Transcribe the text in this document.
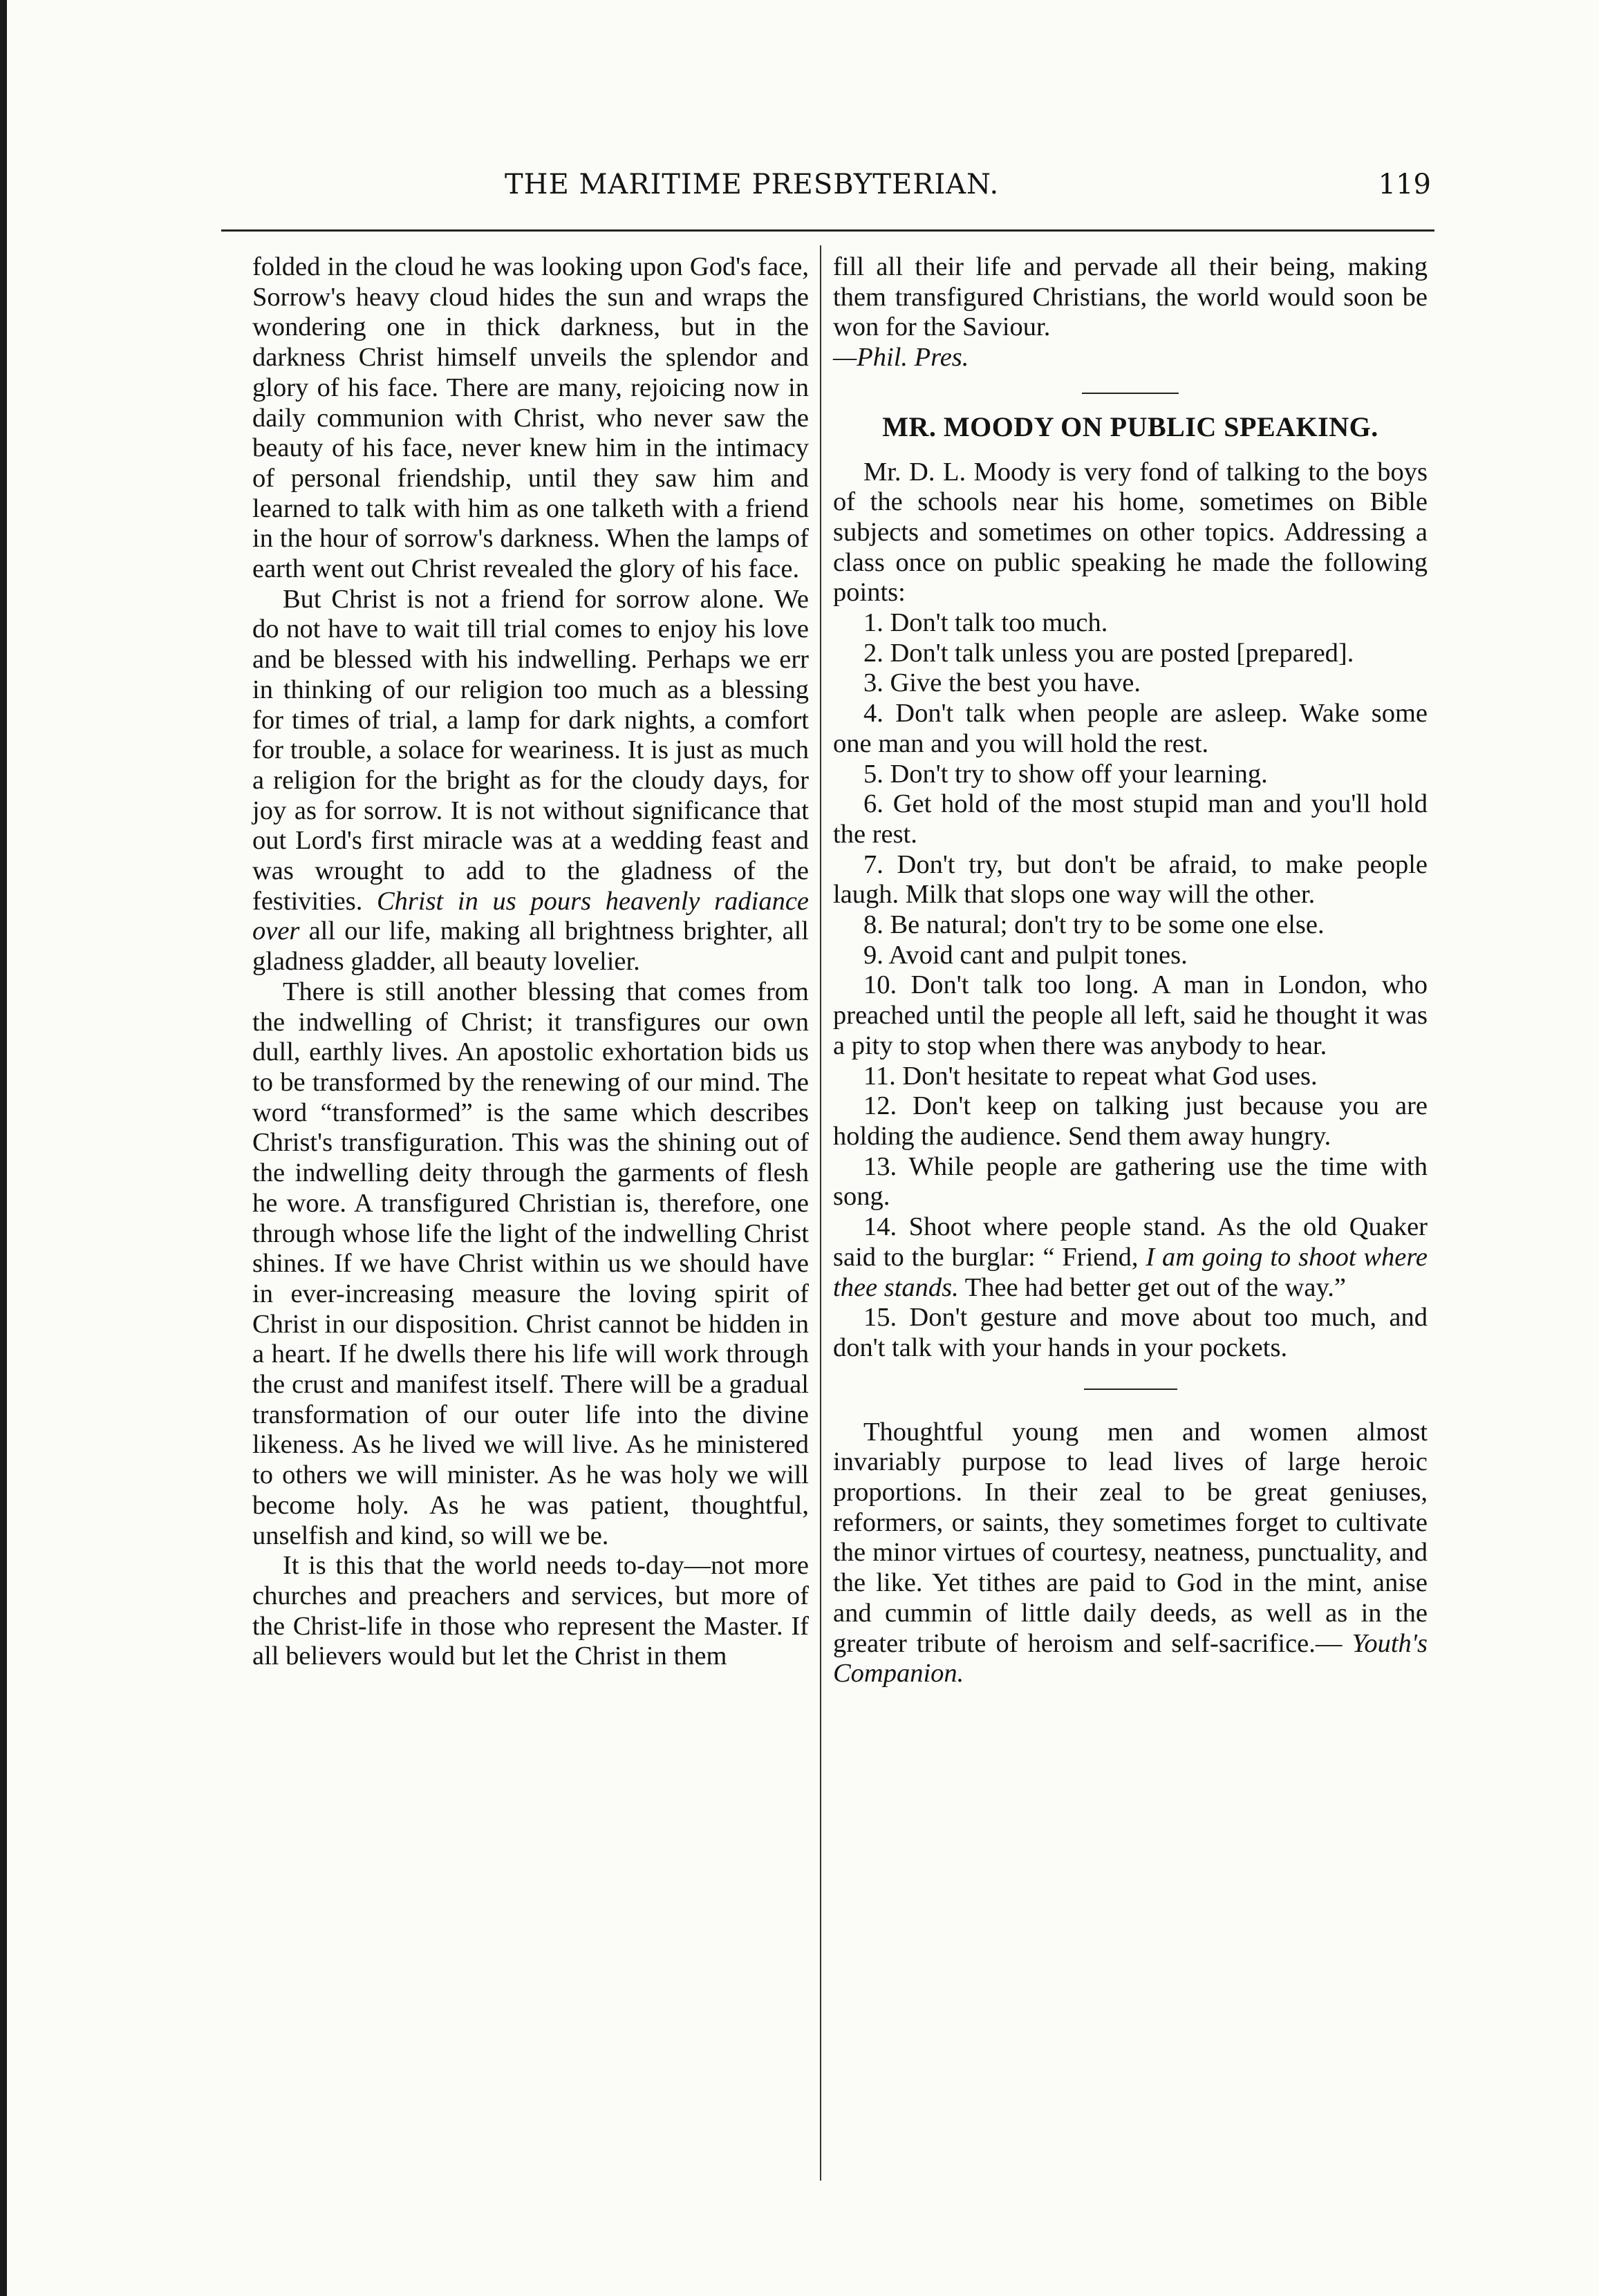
THE MARITIME PRESBYTERIAN.	119

folded in the cloud he was looking upon God's face, Sorrow's heavy cloud hides the sun and wraps the wondering one in thick darkness, but in the darkness Christ himself unveils the splendor and glory of his face. There are many, rejoicing now in daily communion with Christ, who never saw the beauty of his face, never knew him in the intimacy of personal friendship, until they saw him and learned to talk with him as one talketh with a friend in the hour of sorrow's darkness. When the lamps of earth went out Christ revealed the glory of his face.

But Christ is not a friend for sorrow alone. We do not have to wait till trial comes to enjoy his love and be blessed with his indwelling. Perhaps we err in thinking of our religion too much as a blessing for times of trial, a lamp for dark nights, a comfort for trouble, a solace for weariness. It is just as much a religion for the bright as for the cloudy days, for joy as for sorrow. It is not without significance that out Lord's first miracle was at a wedding feast and was wrought to add to the gladness of the festivities. Christ in us pours heavenly radiance over all our life, making all brightness brighter, all gladness gladder, all beauty lovelier.

There is still another blessing that comes from the indwelling of Christ; it transfigures our own dull, earthly lives. An apostolic exhortation bids us to be transformed by the renewing of our mind. The word “transformed” is the same which describes Christ's transfiguration. This was the shining out of the indwelling deity through the garments of flesh he wore. A transfigured Christian is, therefore, one through whose life the light of the indwelling Christ shines. If we have Christ within us we should have in ever-increasing measure the loving spirit of Christ in our disposition. Christ cannot be hidden in a heart. If he dwells there his life will work through the crust and manifest itself. There will be a gradual transformation of our outer life into the divine likeness. As he lived we will live. As he ministered to others we will minister. As he was holy we will become holy. As he was patient, thoughtful, unselfish and kind, so will we be.

It is this that the world needs to-day—not more churches and preachers and services, but more of the Christ-life in those who represent the Master. If all believers would but let the Christ in them

fill all their life and pervade all their being, making them transfigured Christians, the world would soon be won for the Saviour.

—Phil. Pres.

MR. MOODY ON PUBLIC SPEAKING.

Mr. D. L. Moody is very fond of talking to the boys of the schools near his home, sometimes on Bible subjects and sometimes on other topics. Addressing a class once on public speaking he made the following points:

1. Don't talk too much.

2. Don't talk unless you are posted [prepared].

3. Give the best you have.

4. Don't talk when people are asleep. Wake some one man and you will hold the rest.

5. Don't try to show off your learning.

6. Get hold of the most stupid man and you'll hold the rest.

7. Don't try, but don't be afraid, to make people laugh. Milk that slops one way will the other.

8. Be natural; don't try to be some one else.

9. Avoid cant and pulpit tones.

10. Don't talk too long. A man in London, who preached until the people all left, said he thought it was a pity to stop when there was anybody to hear.

11. Don't hesitate to repeat what God uses.

12. Don't keep on talking just because you are holding the audience. Send them away hungry.

13. While people are gathering use the time with song.

14. Shoot where people stand. As the old Quaker said to the burglar: “ Friend, I am going to shoot where thee stands. Thee had better get out of the way.”

15. Don't gesture and move about too much, and don't talk with your hands in your pockets.

Thoughtful young men and women almost invariably purpose to lead lives of large heroic proportions. In their zeal to be great geniuses, reformers, or saints, they sometimes forget to cultivate the minor virtues of courtesy, neatness, punctuality, and the like. Yet tithes are paid to God in the mint, anise and cummin of little daily deeds, as well as in the greater tribute of heroism and self-sacrifice.— Youth's Companion.
